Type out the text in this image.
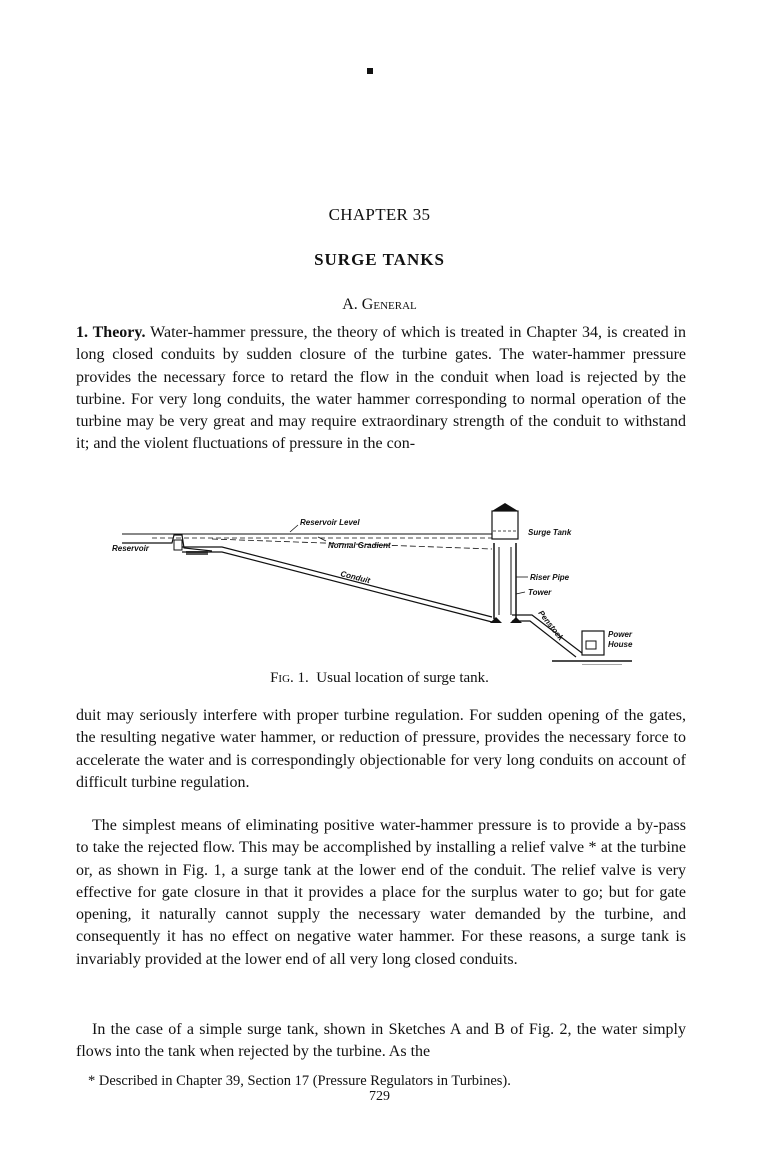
CHAPTER 35
SURGE TANKS
A. General

1. Theory. Water-hammer pressure, the theory of which is treated in Chapter 34, is created in long closed conduits by sudden closure of the turbine gates. The water-hammer pressure provides the necessary force to retard the flow in the conduit when load is rejected by the turbine. For very long conduits, the water hammer corresponding to normal operation of the turbine may be very great and may require extraordinary strength of the conduit to withstand it; and the violent fluctuations of pressure in the con-

Reservoir Level
Reservoir	Normal Gradient
Conduit
Surge Tank
Riser Pipe
Tower
Penstock	Power
House
Fig. 1. Usual location of surge tank.

duit may seriously interfere with proper turbine regulation. For sudden opening of the gates, the resulting negative water hammer, or reduction of pressure, provides the necessary force to accelerate the water and is correspondingly objectionable for very long conduits on account of difficult turbine regulation.

The simplest means of eliminating positive water-hammer pressure is to provide a by-pass to take the rejected flow. This may be accomplished by installing a relief valve * at the turbine or, as shown in Fig. 1, a surge tank at the lower end of the conduit. The relief valve is very effective for gate closure in that it provides a place for the surplus water to go; but for gate opening, it naturally cannot supply the necessary water demanded by the turbine, and consequently it has no effect on negative water hammer. For these reasons, a surge tank is invariably provided at the lower end of all very long closed conduits.

In the case of a simple surge tank, shown in Sketches A and B of Fig. 2, the water simply flows into the tank when rejected by the turbine. As the

* Described in Chapter 39, Section 17 (Pressure Regulators in Turbines).
729
